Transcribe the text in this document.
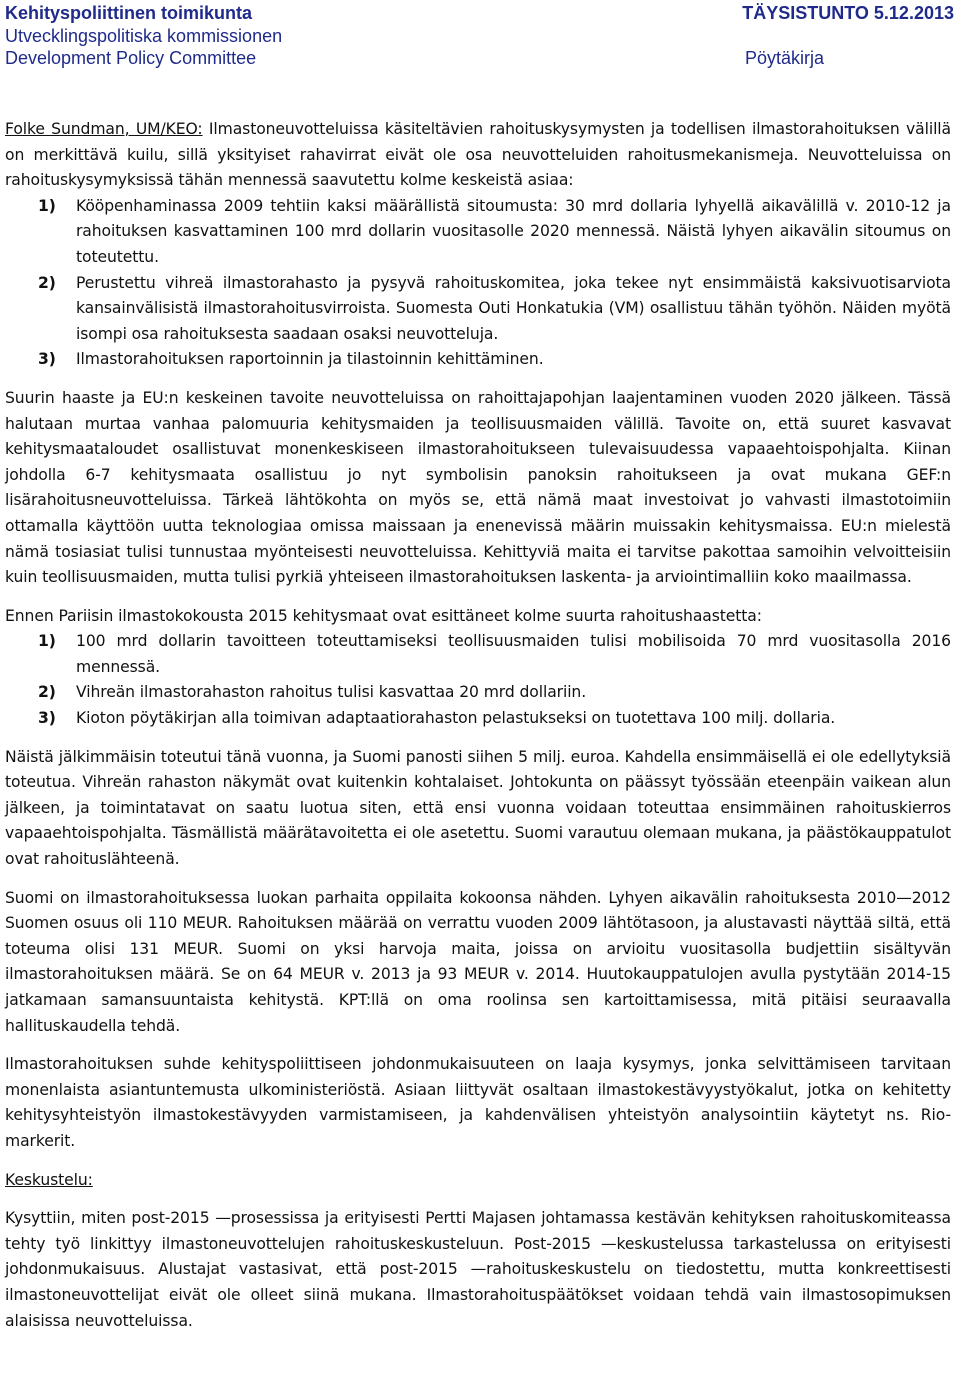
Kehityspoliittinen toimikunta
Utvecklingspolitiska kommissionen
Development Policy Committee
TÄYSISTUNTO 5.12.2013
Pöytäkirja

Folke Sundman, UM/KEO: Ilmastoneuvotteluissa käsiteltävien rahoituskysymysten ja todellisen ilmastorahoituksen välillä on merkittävä kuilu, sillä yksityiset rahavirrat eivät ole osa neuvotteluiden rahoitusmekanismeja. Neuvotteluissa on rahoituskysymyksissä tähän mennessä saavutettu kolme keskeistä asiaa:

1) Kööpenhaminassa 2009 tehtiin kaksi määrällistä sitoumusta: 30 mrd dollaria lyhyellä aikavälillä v. 2010-12 ja rahoituksen kasvattaminen 100 mrd dollarin vuositasolle 2020 mennessä. Näistä lyhyen aikavälin sitoumus on toteutettu.
2) Perustettu vihreä ilmastorahasto ja pysyvä rahoituskomitea, joka tekee nyt ensimmäistä kaksivuotisarviota kansainvälisistä ilmastorahoitusvirroista. Suomesta Outi Honkatukia (VM) osallistuu tähän työhön. Näiden myötä isompi osa rahoituksesta saadaan osaksi neuvotteluja.
3) Ilmastorahoituksen raportoinnin ja tilastoinnin kehittäminen.

Suurin haaste ja EU:n keskeinen tavoite neuvotteluissa on rahoittajapohjan laajentaminen vuoden 2020 jälkeen. Tässä halutaan murtaa vanhaa palomuuria kehitysmaiden ja teollisuusmaiden välillä. Tavoite on, että suuret kasvavat kehitysmaataloudet osallistuvat monenkeskiseen ilmastorahoitukseen tulevaisuudessa vapaaehtoispohjalta. Kiinan johdolla 6-7 kehitysmaata osallistuu jo nyt symbolisin panoksin rahoitukseen ja ovat mukana GEF:n lisärahoitusneuvotteluissa. Tärkeä lähtökohta on myös se, että nämä maat investoivat jo vahvasti ilmastotoimiin ottamalla käyttöön uutta teknologiaa omissa maissaan ja enenevissä määrin muissakin kehitysmaissa. EU:n mielestä nämä tosiasiat tulisi tunnustaa myönteisesti neuvotteluissa. Kehittyviä maita ei tarvitse pakottaa samoihin velvoitteisiin kuin teollisuusmaiden, mutta tulisi pyrkiä yhteiseen ilmastorahoituksen laskenta- ja arviointimalliin koko maailmassa.

Ennen Pariisin ilmastokokousta 2015 kehitysmaat ovat esittäneet kolme suurta rahoitushaastetta:

1) 100 mrd dollarin tavoitteen toteuttamiseksi teollisuusmaiden tulisi mobilisoida 70 mrd vuositasolla 2016 mennessä.
2) Vihreän ilmastorahaston rahoitus tulisi kasvattaa 20 mrd dollariin.
3) Kioton pöytäkirjan alla toimivan adaptaatiorahaston pelastukseksi on tuotettava 100 milj. dollaria.

Näistä jälkimmäisin toteutui tänä vuonna, ja Suomi panosti siihen 5 milj. euroa. Kahdella ensimmäisellä ei ole edellytyksiä toteutua. Vihreän rahaston näkymät ovat kuitenkin kohtalaiset. Johtokunta on päässyt työssään eteenpäin vaikean alun jälkeen, ja toimintatavat on saatu luotua siten, että ensi vuonna voidaan toteuttaa ensimmäinen rahoituskierros vapaaehtoispohjalta. Täsmällistä määrätavoitetta ei ole asetettu. Suomi varautuu olemaan mukana, ja päästökauppatulot ovat rahoituslähteenä.

Suomi on ilmastorahoituksessa luokan parhaita oppilaita kokoonsa nähden. Lyhyen aikavälin rahoituksesta 2010—2012 Suomen osuus oli 110 MEUR. Rahoituksen määrää on verrattu vuoden 2009 lähtötasoon, ja alustavasti näyttää siltä, että toteuma olisi 131 MEUR. Suomi on yksi harvoja maita, joissa on arvioitu vuositasolla budjettiin sisältyvän ilmastorahoituksen määrä. Se on 64 MEUR v. 2013 ja 93 MEUR v. 2014. Huutokauppatulojen avulla pystytään 2014-15 jatkamaan samansuuntaista kehitystä. KPT:llä on oma roolinsa sen kartoittamisessa, mitä pitäisi seuraavalla hallituskaudella tehdä.

Ilmastorahoituksen suhde kehityspoliittiseen johdonmukaisuuteen on laaja kysymys, jonka selvittämiseen tarvitaan monenlaista asiantuntemusta ulkoministeriöstä. Asiaan liittyvät osaltaan ilmastokestävyystyökalut, jotka on kehitetty kehitysyhteistyön ilmastokestävyyden varmistamiseen, ja kahdenvälisen yhteistyön analysointiin käytetyt ns. Rio-markerit.

Keskustelu:

Kysyttiin, miten post-2015 —prosessissa ja erityisesti Pertti Majasen johtamassa kestävän kehityksen rahoituskomiteassa tehty työ linkittyy ilmastoneuvottelujen rahoituskeskusteluun. Post-2015 —keskustelussa tarkastelussa on erityisesti johdonmukaisuus. Alustajat vastasivat, että post-2015 —rahoituskeskustelu on tiedostettu, mutta konkreettisesti ilmastoneuvottelijat eivät ole olleet siinä mukana. Ilmastorahoituspäätökset voidaan tehdä vain ilmastosopimuksen alaisissa neuvotteluissa.
